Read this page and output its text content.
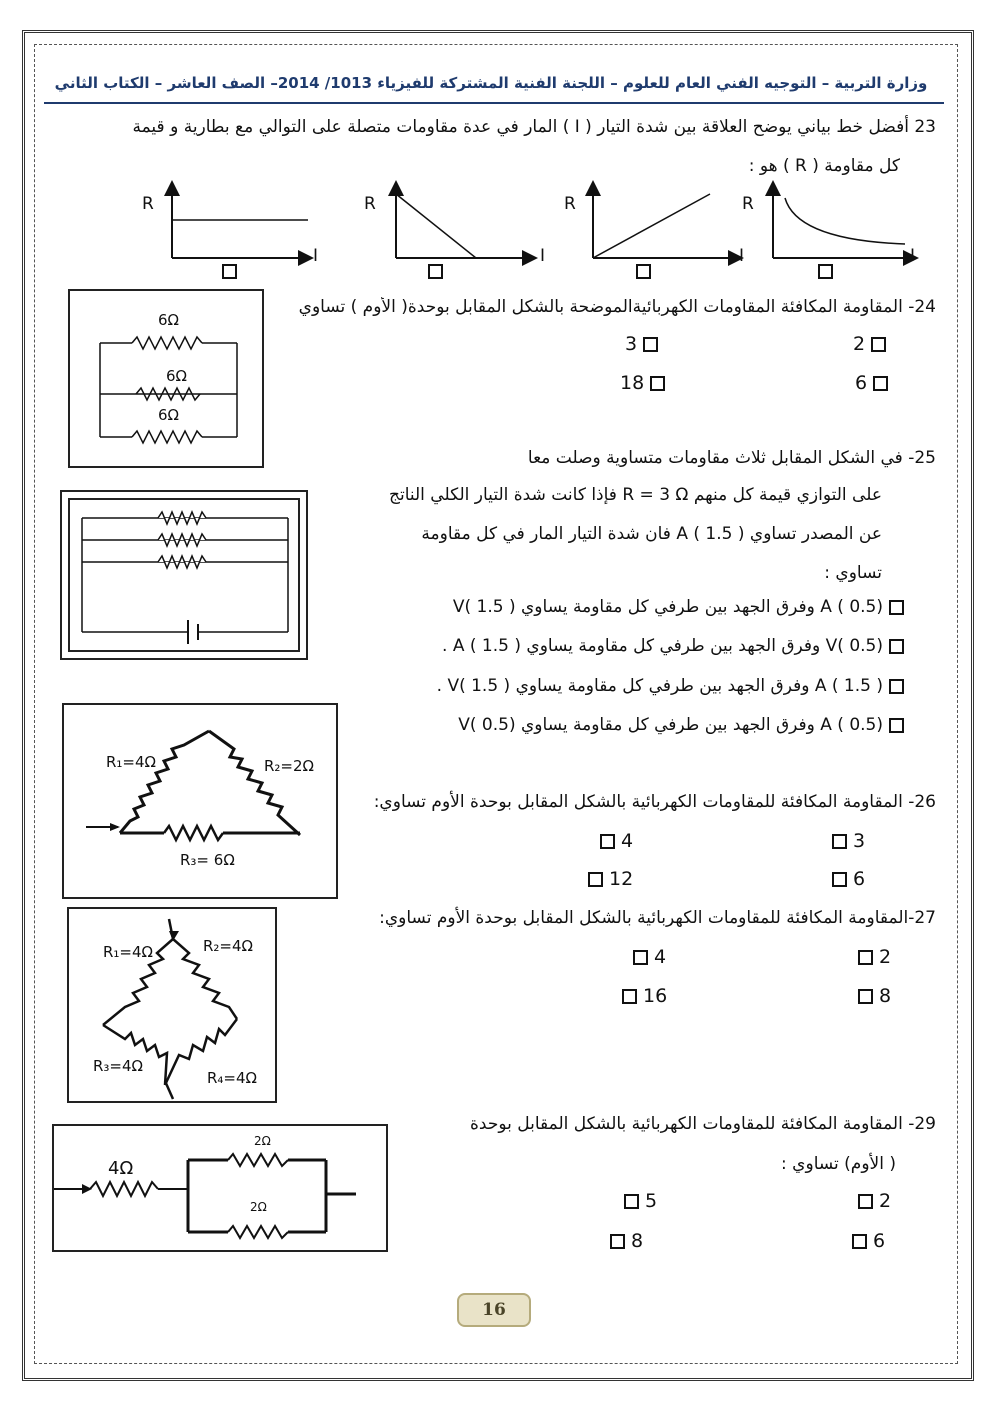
وزارة التربية – التوجيه الفني العام للعلوم – اللجنة الفنية المشتركة للفيزياء 1013/ 2014– الصف العاشر – الكتاب الثاني
23 أفضل خط بياني يوضح العلاقة بين شدة التيار ( I ) المار في عدة مقاومات متصلة على التوالي مع بطارية و قيمة
كل مقاومة ( R ) هو :
R
I
R
I
R
I
R
I
6Ω
6Ω
6Ω
24- المقاومة المكافئة المقاومات الكهربائيةالموضحة بالشكل المقابل بوحدة( الأوم ) تساوي
2
3
6
18
25- في الشكل المقابل ثلاث مقاومات متساوية وصلت معا
على التوازي قيمة كل منهم R = 3 Ω فإذا كانت شدة التيار الكلي الناتج
عن المصدر تساوي A ( 1.5 ) فان شدة التيار المار في كل مقاومة
تساوي :
A ( 0.5) وفرق الجهد بين طرفي كل مقاومة يساوي V( 1.5 )
V( 0.5) وفرق الجهد بين طرفي كل مقاومة يساوي A ( 1.5 ) .
A ( 1.5 ) وفرق الجهد بين طرفي كل مقاومة يساوي V( 1.5 ) .
A ( 0.5) وفرق الجهد بين طرفي كل مقاومة يساوي V( 0.5)
R₁=4Ω	R₂=2Ω
R₃= 6Ω
26- المقاومة المكافئة للمقاومات الكهربائية بالشكل المقابل بوحدة الأوم تساوي:
3
4
6
12
R₁=4Ω	R₂=4Ω
R₃=4Ω
R₄=4Ω
27-المقاومة المكافئة للمقاومات الكهربائية بالشكل المقابل بوحدة الأوم تساوي:
2
4
8
16
4Ω
2Ω
2Ω
29- المقاومة المكافئة للمقاومات الكهربائية بالشكل المقابل بوحدة
( الأوم) تساوي :
2
5
6
8
16
